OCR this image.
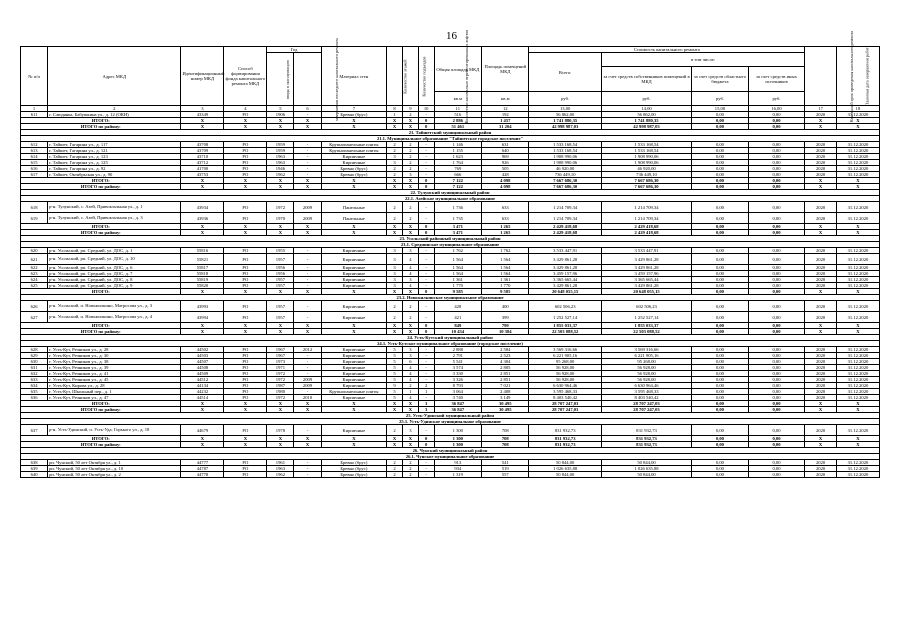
16
№ п/п	Адрес МКД	Идентификационный номер МКД	Способ формирования фонда капитального ремонта МКД	Год		Материал стен	Количество этажей	Количество подъездов	Количество капитально отремонтированных лифтов	Общая площадь МКД	Площадь помещений МКД	Стоимость капитального ремонта				Начальный срок проведения капитального ремонта	Плановая дата завершения работ
				ввода в эксплуатацию	завершения последнего капитального ремонта							Всего:	в том числе:				
													за счет средств собственников помещений в МКД	за счет средств областного бюджета	за счет средств иных источников		
										кв.м	кв.м	руб.	руб.	руб.	руб.		
1	2	3	4	5	6	7	8	9	10	11	12	13,00	14,00	15,00	16,00	17	18
611	г. Слюдянка, Бабушкина ул., д. 12 (ОКН)	43349	РО	1906	-	Бревно (брус)	1	2	-	516	192	56 862,00	56 862,00	0,00	0,00	2020	31.12.2020
ИТОГО:		X	X	X	X	X	X	X	0	2 886	1 457	1 741 880,35	1 741 880,35	0,00	0,00	X	X
ИТОГО по району:		X	X	X	X	X	X	X	0	51 461	31 204	42 998 987,03	42 998 987,03	0,00	0,00	X	X
21. Тайшетский муниципальный район																	
21.1. Муниципальное образование "Тайшетское городское поселение"																	
612	г. Тайшет, Гагарина ул., д. 117	43708	РО	1959	-	Крупнопанельные плиты	2	2	-	1 146	631	1 533 168,54	1 533 168,54	0,00	0,00	2020	31.12.2020
613	г. Тайшет, Гагарина ул., д. 121	43709	РО	1959	-	Крупнопанельные плиты	2	2	-	1 155	640	1 533 168,54	1 533 168,54	0,00	0,00	2020	31.12.2020
614	г. Тайшет, Гагарина ул., д. 123	43710	РО	1963	-	Кирпичные	3	2	-	1 623	969	1 908 990,06	1 908 990,06	0,00	0,00	2020	31.12.2020
615	г. Тайшет, Гагарина ул., д. 125	43712	РО	1963	-	Кирпичные	3	2	-	1 764	926	1 908 990,06	1 908 990,06	0,00	0,00	2020	31.12.2020
616	г. Тайшет, Гагарина ул., д. 92	41700	РО	1946	-	Бревно (брус)	2	2	-	769	505	46 920,00	46 920,00	0,00	0,00	2020	31.12.2020
617	г. Тайшет, Октябрьская ул., д. 90	43753	РО	1962	-	Бревно (брус)	2	3	-	666	428	736 449,10	736 449,10	0,00	0,00	2020	31.12.2020
ИТОГО:		X	X	X	X	X	X	X	0	7 122	4 098	7 667 686,30	7 667 686,30	0,00	0,00	X	X
ИТОГО по району:		X	X	X	X	X	X	X	0	7 122	4 098	7 667 686,30	7 667 686,30	0,00	0,00	X	X
22. Тулунский муниципальный район																	
22.1. Азейское муниципальное образование																	
618	р-н. Тулунский, с. Азей, Привокзальная ул., д. 1	43934	РО	1972	2009	Панельные	2	2	-	1 736	633	1 214 709,34	1 214 709,34	0,00	0,00	2020	31.12.2020
619	р-н. Тулунский, с. Азей, Привокзальная ул., д. 3	43936	РО	1970	2009	Панельные	2	2	-	1 735	633	1 214 709,34	1 214 709,34	0,00	0,00	2020	31.12.2020
ИТОГО:		X	X	X	X	X	X	X	0	3 471	1 265	2 429 418,68	2 429 418,68	0,00	0,00	X	X
ИТОГО по району:		X	X	X	X	X	X	X	0	3 471	1 265	2 429 418,68	2 429 418,68	0,00	0,00	X	X
23. Усольский районный муниципальный район																	
23.1. Среднинское муниципальное образование																	
620	р-н. Усольский, рп. Средний, ул. ДОС, д. 1	55816	РО	1955	-	Кирпичные	3	3	-	1 762	1 762	3 533 447,91	3 533 447,91	0,00	0,00	2020	31.12.2020
621	р-н. Усольский, рп. Средний, ул. ДОС, д. 10	55821	РО	1957	-	Кирпичные	3	4	-	1 564	1 564	3 429 861,28	3 429 861,28	0,00	0,00	2020	31.12.2020
622	р-н. Усольский, рп. Средний, ул. ДОС, д. 6	55817	РО	1956	-	Кирпичные	3	4	-	1 564	1 564	3 429 861,28	3 429 861,28	0,00	0,00	2020	31.12.2020
623	р-н. Усольский, рп. Средний, ул. ДОС, д. 7	55818	РО	1956	-	Кирпичные	3	4	-	1 564	1 564	3 459 157,96	3 459 157,96	0,00	0,00	2020	31.12.2020
624	р-н. Усольский, рп. Средний, ул. ДОС, д. 8	55819	РО	1957	-	Кирпичные	3	3	-	1 361	1 361	3 365 665,44	3 365 665,44	0,00	0,00	2020	31.12.2020
625	р-н. Усольский, рп. Средний, ул. ДОС, д. 9	55820	РО	1957	-	Кирпичные	3	4	-	1 770	1 770	3 429 861,28	3 429 861,28	0,00	0,00	2020	31.12.2020
ИТОГО:		X	X	X	X	X	X	X	0	9 585	9 585	20 648 055,15	20 648 055,15	0,00	0,00	X	X
23.2. Новожилкинское муниципальное образование																	
626	р-н. Усольский, п. Новожилкино, Матросова ул., д. 3	43993	РО	1957	-	Кирпичные	2	2	-	428	400	602 506,23	602 506,23	0,00	0,00	2020	31.12.2020
627	р-н. Усольский, п. Новожилкино, Матросова ул., д. 4	43994	РО	1957	-	Кирпичные	2	2	-	421	399	1 252 527,14	1 252 527,14	0,00	0,00	2020	31.12.2020
ИТОГО:		X	X	X	X	X	X	X	0	849	799	1 855 033,37	1 855 033,37	0,00	0,00	X	X
ИТОГО по району:		X	X	X	X	X	X	X	0	10 434	10 384	22 503 088,52	22 503 088,52	0,00	0,00	X	X
24. Усть-Кутский муниципальный район																	
24.1. Усть-Кутское муниципальное образование (городское поселение)																	
628	г. Усть-Кут, Речников ул., д. 28	44502	РО	1967	2012	Кирпичные	5	3	-	2 888	2 584	3 569 316,66	3 569 316,66	0,00	0,00	2020	31.12.2020
629	г. Усть-Кут, Речников ул., д. 30	44503	РО	1967	-	Кирпичные	5	3	-	2 791	2 523	6 221 905,16	6 221 905,16	0,00	0,00	2020	31.12.2020
630	г. Усть-Кут, Речников ул., д. 38	44507	РО	1973	-	Кирпичные	5	6	-	5 541	4 304	95 268,00	95 268,00	0,00	0,00	2020	31.12.2020
631	г. Усть-Кут, Речников ул., д. 39	44508	РО	1971	-	Кирпичные	5	4	-	3 574	2 805	56 928,00	56 928,00	0,00	0,00	2020	31.12.2020
632	г. Усть-Кут, Речников ул., д. 41	44509	РО	1972	-	Кирпичные	5	4	-	3 330	2 851	56 928,00	56 928,00	0,00	0,00	2020	31.12.2020
633	г. Усть-Кут, Речников ул., д. 45	44512	РО	1972	2009	Кирпичные	5	4	-	3 326	2 851	56 928,00	56 928,00	0,00	0,00	2020	31.12.2020
634	г. Усть-Кут, Кирова ул., д. 28	44134	РО	1987	2009	Кирпичные	9	2	2	8 793	7 021	6 630 964,46	6 630 964,46	0,00	0,00	2020	31.12.2020
635	г. Усть-Кут, Школьный пер., д. 1	44232	РО	1980	-	Крупнопанельные плиты	5	1	1	3 064	2 408	3 595 468,33	3 595 468,33	0,00	0,00	2020	31.12.2020
636	г. Усть-Кут, Речников ул., д. 47	44514	РО	1972	2010	Кирпичные	5	4	-	3 740	3 149	8 403 540,42	8 403 540,42	0,00	0,00	2020	31.12.2020
ИТОГО:		X	X	X	X	X	X	X	3	36 847	30 495	28 707 247,03	28 707 247,03	0,00	0,00	X	X
ИТОГО по району:		X	X	X	X	X	X	X	3	36 847	30 495	28 707 247,03	28 707 247,03	0,00	0,00	X	X
25. Усть-Удинский муниципальный район																	
25.1. Усть-Удинское муниципальное образование																	
637	р-н. Усть-Удинский, п. Усть-Уда, Горького ул., д. 18	44679	РО	1978	-	Кирпичные	2	3	-	1 300	708	831 932,73	831 932,73	0,00	0,00	2020	31.12.2020
ИТОГО:		X	X	X	X	X	X	X	0	1 300	708	831 932,73	831 932,73	0,00	0,00	X	X
ИТОГО по району:		X	X	X	X	X	X	X	0	1 300	708	831 932,73	831 932,73	0,00	0,00	X	X
26. Чунский муниципальный район																	
26.1. Чунское муниципальное образование																	
638	рп. Чунский, 50 лет Октября ул., д. 1	44777	РО	1961	-	Бревно (брус)	2	2	-	913	541	50 844,00	50 844,00	0,00	0,00	2020	31.12.2020
639	рп. Чунский, 50 лет Октября ул., д. 10	44787	РО	1963	-	Бревно (брус)	2	2	-	934	519	1 026 635,88	1 026 635,88	0,00	0,00	2020	31.12.2020
640	рп. Чунский, 50 лет Октября ул., д. 2	44778	РО	1962	-	Бревно (брус)	2	2	-	1 319	557	50 844,00	50 844,00	0,00	0,00	2020	31.12.2020
